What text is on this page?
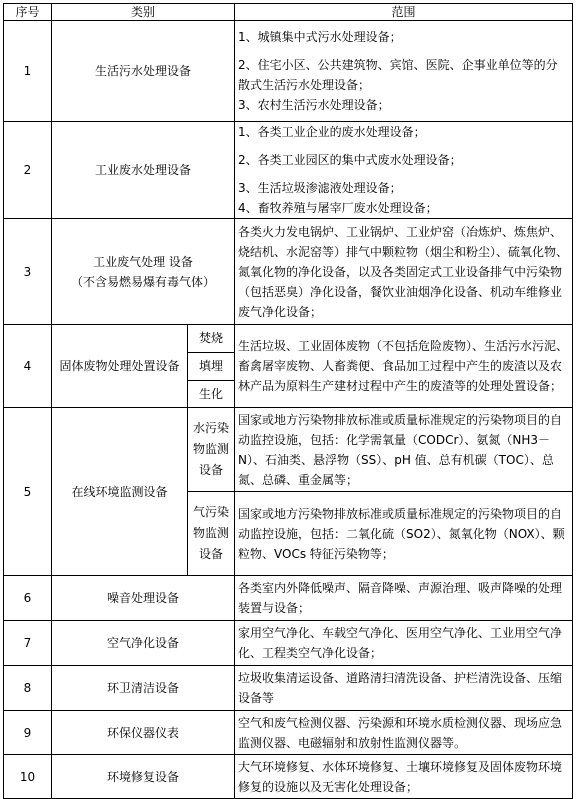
序号	类别		范围
1	生活污水处理设备		1、城镇集中式污水处理设备；

2、住宅小区、公共建筑物、宾馆、医院、企事业单位等的分散式生活污水处理设备；

3、农村生活污水处理设备；

2	工业废水处理设备		1、各类工业企业的废水处理设备；

2、各类工业园区的集中式废水处理设备；

3、生活垃圾渗滤液处理设备；

4、畜牧养殖与屠宰厂废水处理设备；

3	工业废气处理 设备
（不含易燃易爆有毒气体）		各类火力发电锅炉、工业锅炉、工业炉窑（冶炼炉、炼焦炉、烧结机、水泥窑等）排气中颗粒物（烟尘和粉尘）、硫氧化物、氮氧化物的净化设备，以及各类固定式工业设备排气中污染物（包括恶臭）净化设备，餐饮业油烟净化设备、机动车维修业废气净化设备；
4	固体废物处理处置设备	焚烧	生活垃圾、工业固体废物（不包括危险废物）、生活污水污泥、畜禽屠宰废物、人畜粪便、食品加工过程中产生的废渣以及农林产品为原料生产建材过程中产生的废渣等的处理处置设备；
		填埋	
		生化	
5	在线环境监测设备	水污染物监测设备	国家或地方污染物排放标准或质量标准规定的污染物项目的自动监控设施，包括：化学需氧量（CODCr）、氨氮（NH3－N）、石油类、悬浮物（SS）、pH 值、总有机碳（TOC）、总氮、总磷、重金属等；
		气污染物监测设备	国家或地方污染物排放标准或质量标准规定的污染物项目的自动监控设施，包括：二氧化硫（SO2）、氮氧化物（NOX）、颗粒物、VOCs 特征污染物等；
6	噪音处理设备		各类室内外降低噪声、隔音降噪、声源治理、吸声降噪的处理装置与设备；
7	空气净化设备		家用空气净化、车载空气净化、医用空气净化、工业用空气净化、工程类空气净化设备；
8	环卫清洁设备		垃圾收集清运设备、道路清扫清洗设备、护栏清洗设备、压缩设备等
9	环保仪器仪表		空气和废气检测仪器、污染源和环境水质检测仪器、现场应急监测仪器、电磁辐射和放射性监测仪器等。
10	环境修复设备		大气环境修复、水体环境修复、土壤环境修复及固体废物环境修复的设施以及无害化处理设备；
